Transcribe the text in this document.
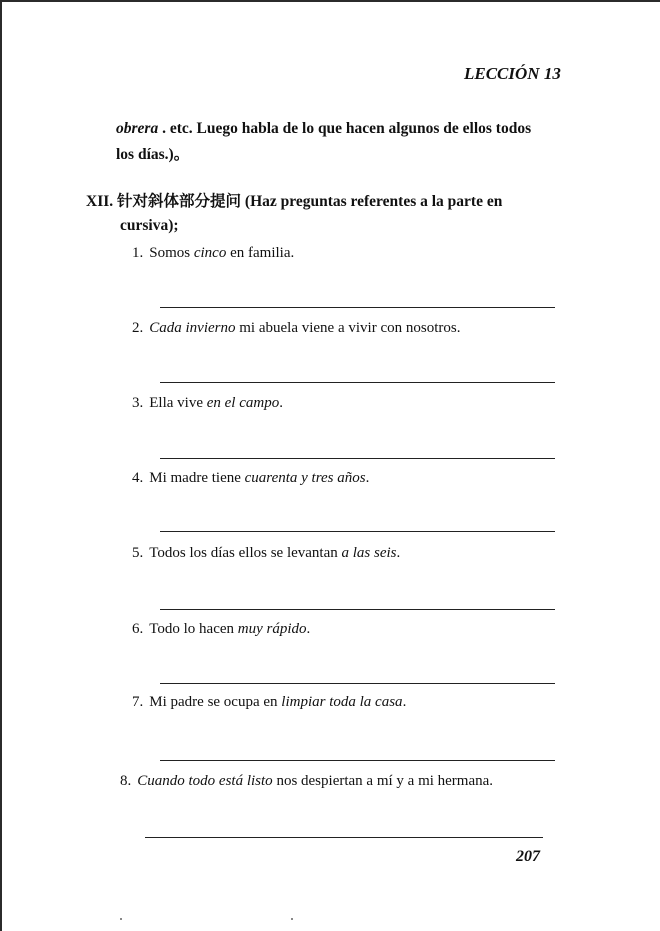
LECCIÓN 13
obrera . etc. Luego habla de lo que hacen algunos de ellos todos
los días.)。
XII. 针对斜体部分提问 (Haz preguntas referentes a la parte en
cursiva);
1. Somos cinco en familia.
2. Cada invierno mi abuela viene a vivir con nosotros.
3. Ella vive en el campo.
4. Mi madre tiene cuarenta y tres años.
5. Todos los días ellos se levantan a las seis.
6. Todo lo hacen muy rápido.
7. Mi padre se ocupa en limpiar toda la casa.
8. Cuando todo está listo nos despiertan a mí y a mi hermana.
207
